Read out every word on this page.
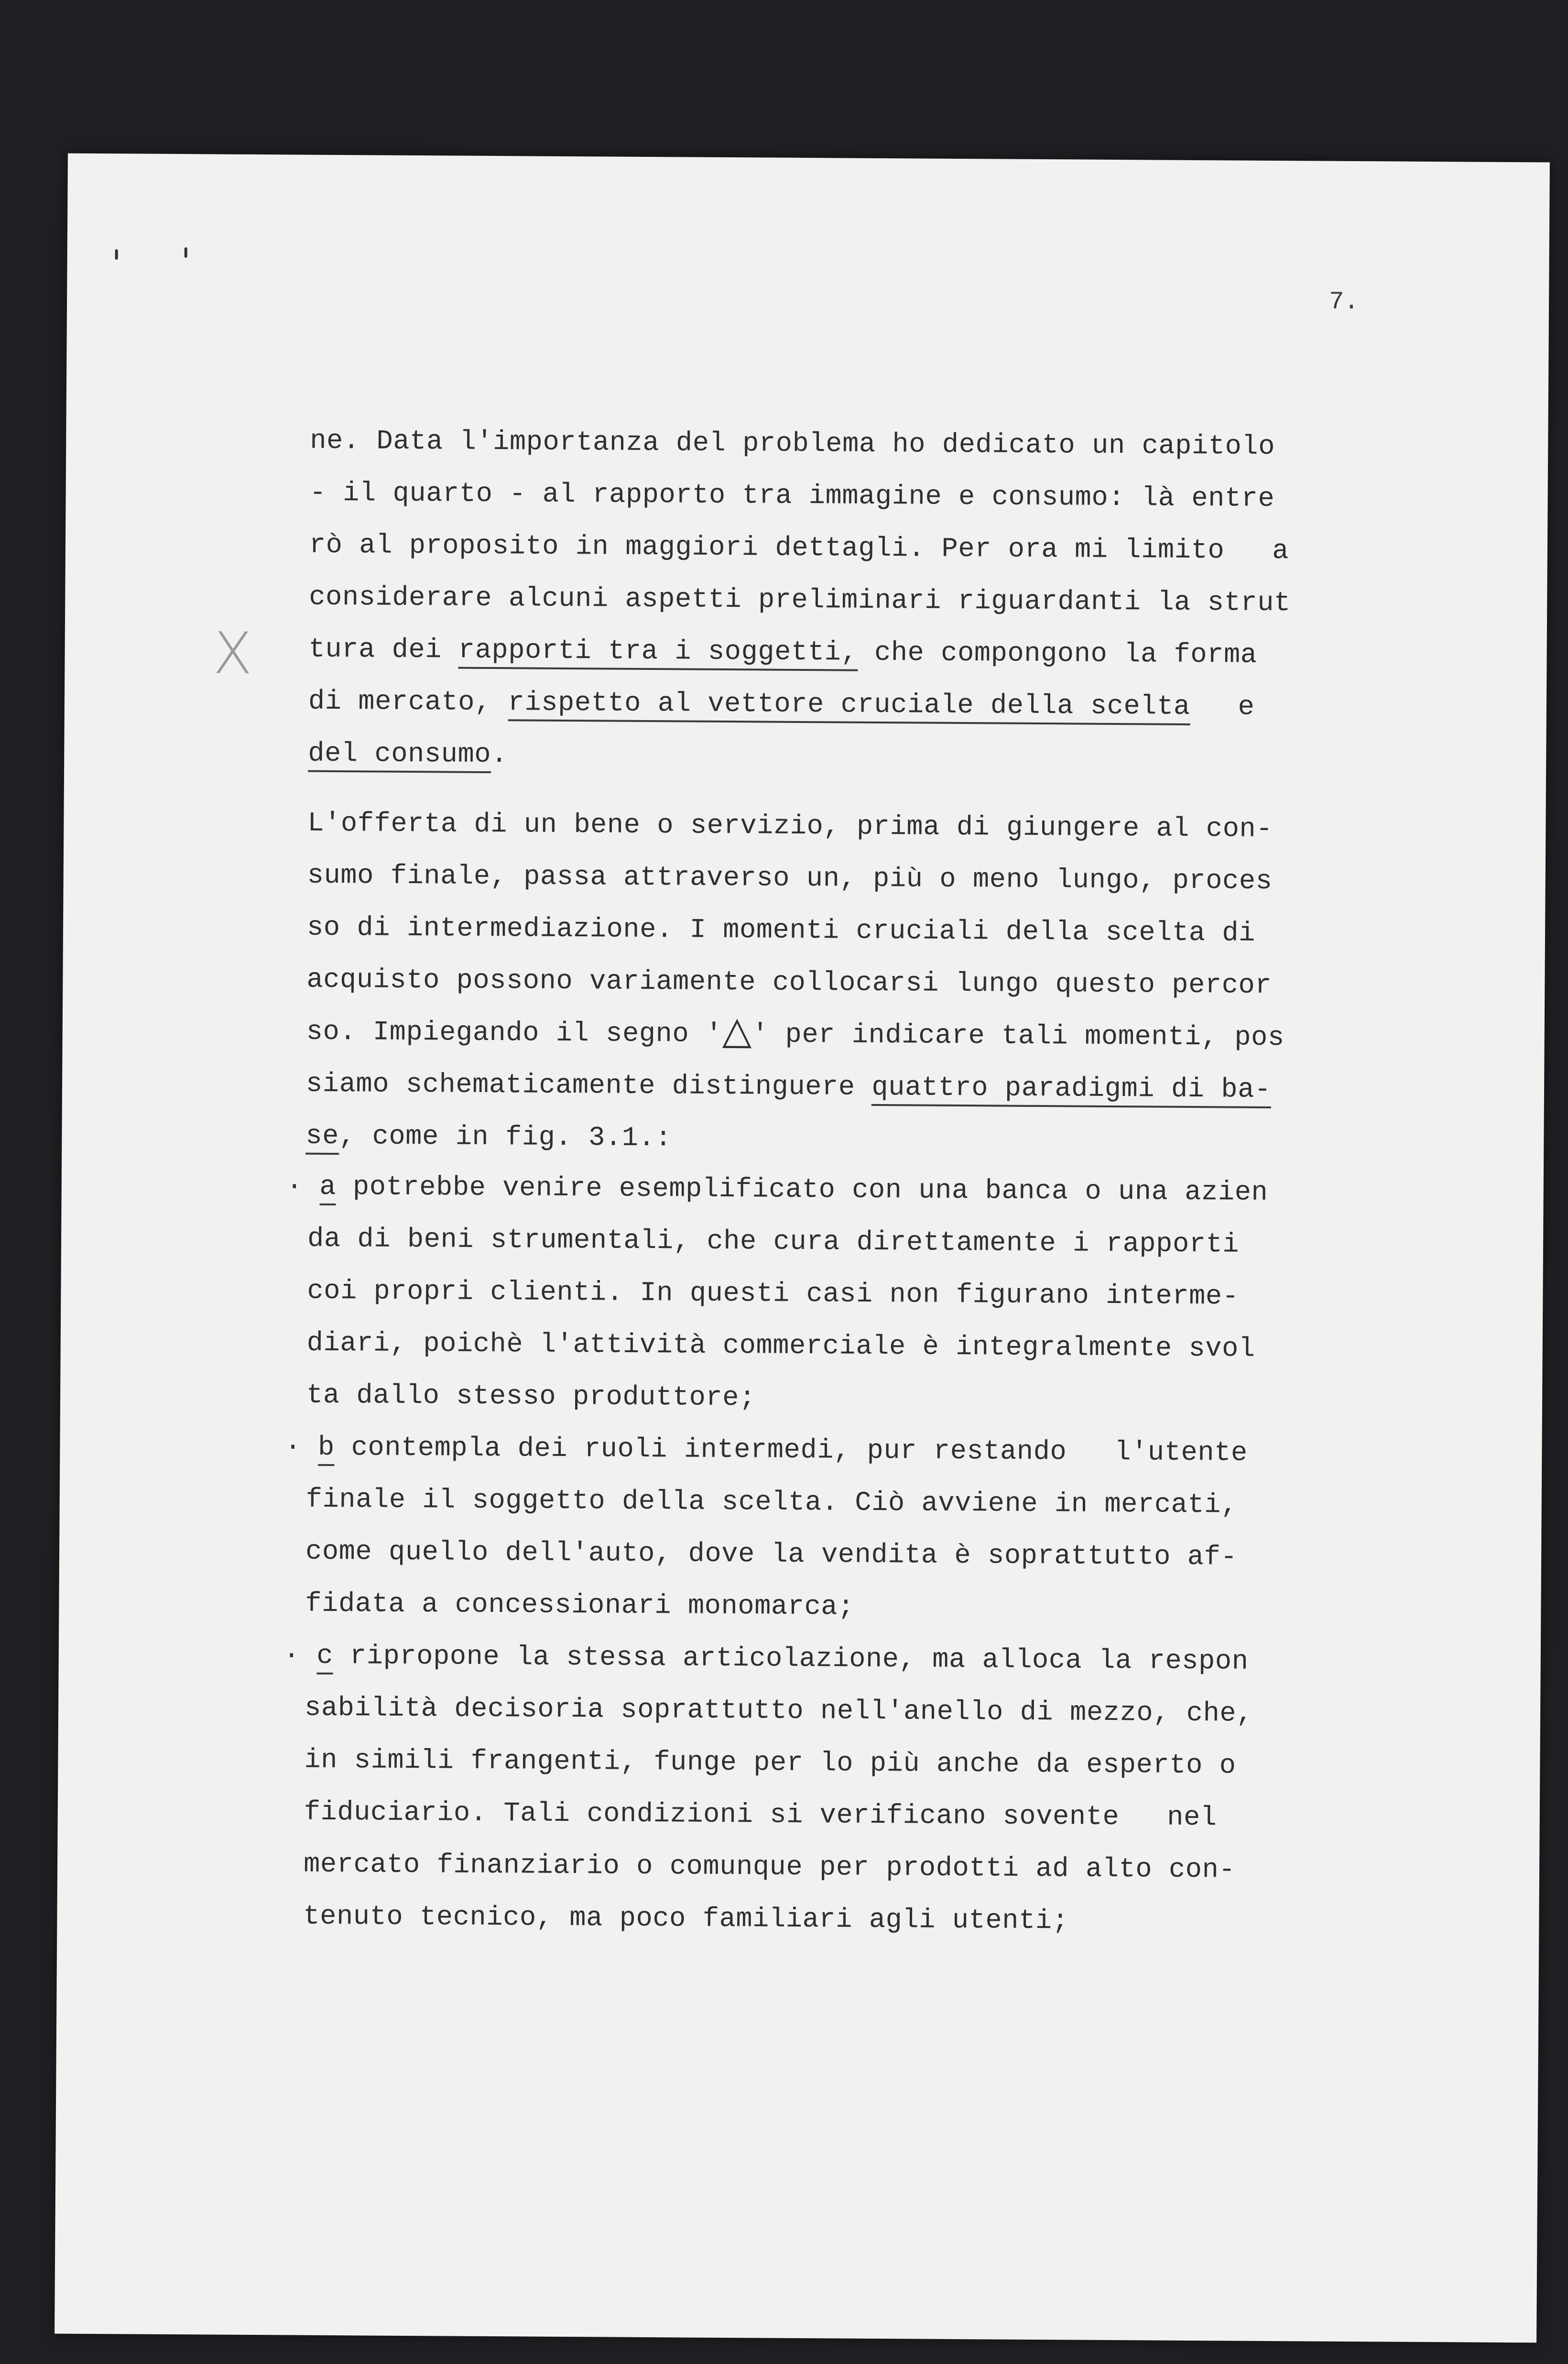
7.
X
ne. Data l'importanza del problema ho dedicato un capitolo
- il quarto - al rapporto tra immagine e consumo: là entre
rò al proposito in maggiori dettagli. Per ora mi limito a
considerare alcuni aspetti preliminari riguardanti la strut
tura dei rapporti tra i soggetti, che compongono la forma
di mercato, rispetto al vettore cruciale della scelta e
del consumo.
L'offerta di un bene o servizio, prima di giungere al con-
sumo finale, passa attraverso un, più o meno lungo, proces
so di intermediazione. I momenti cruciali della scelta di
acquisto possono variamente collocarsi lungo questo percor
so. Impiegando il segno '△' per indicare tali momenti, pos
siamo schematicamente distinguere quattro paradigmi di ba-
se, come in fig. 3.1.:
· a potrebbe venire esemplificato con una banca o una azien
da di beni strumentali, che cura direttamente i rapporti
coi propri clienti. In questi casi non figurano interme-
diari, poichè l'attività commerciale è integralmente svol
ta dallo stesso produttore;
· b contempla dei ruoli intermedi, pur restando l'utente
finale il soggetto della scelta. Ciò avviene in mercati,
come quello dell'auto, dove la vendita è soprattutto af-
fidata a concessionari monomarca;
· c ripropone la stessa articolazione, ma alloca la respon
sabilità decisoria soprattutto nell'anello di mezzo, che,
in simili frangenti, funge per lo più anche da esperto o
fiduciario. Tali condizioni si verificano sovente nel
mercato finanziario o comunque per prodotti ad alto con-
tenuto tecnico, ma poco familiari agli utenti;
